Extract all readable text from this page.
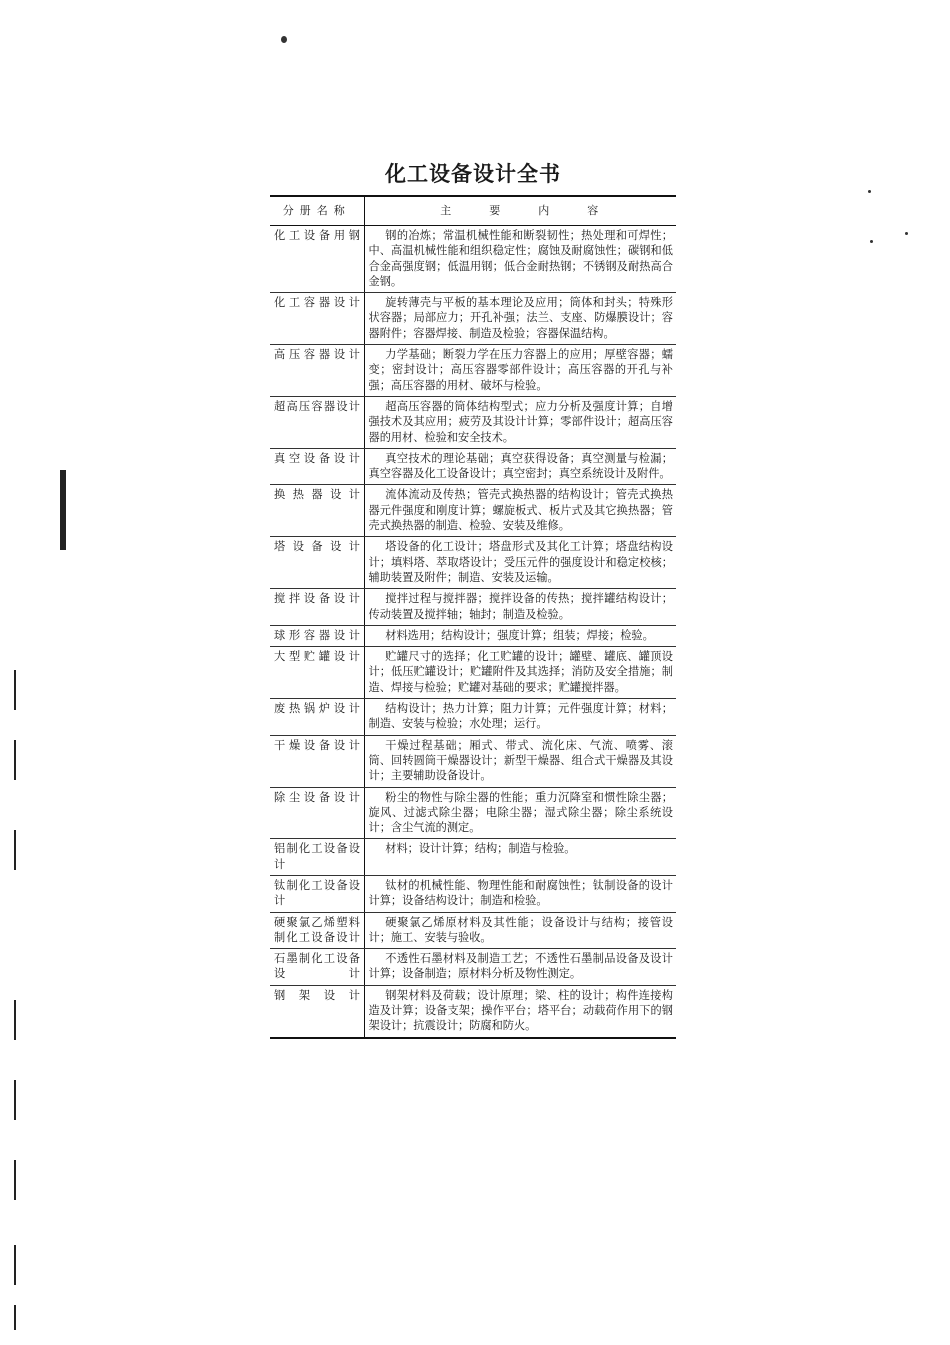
化工设备设计全书
分册名称	主要内容
化工设备用钢	钢的冶炼；常温机械性能和断裂韧性；热处理和可焊性；中、高温机械性能和组织稳定性；腐蚀及耐腐蚀性；碳钢和低合金高强度钢；低温用钢；低合金耐热钢；不锈钢及耐热高合金钢。
化工容器设计	旋转薄壳与平板的基本理论及应用；筒体和封头；特殊形状容器；局部应力；开孔补强；法兰、支座、防爆膜设计；容器附件；容器焊接、制造及检验；容器保温结构。
高压容器设计	力学基础；断裂力学在压力容器上的应用；厚壁容器；蠕变；密封设计；高压容器零部件设计；高压容器的开孔与补强；高压容器的用材、破坏与检验。
超高压容器设计	超高压容器的筒体结构型式；应力分析及强度计算；自增强技术及其应用；疲劳及其设计计算；零部件设计；超高压容器的用材、检验和安全技术。
真空设备设计	真空技术的理论基础；真空获得设备；真空测量与检漏；真空容器及化工设备设计；真空密封；真空系统设计及附件。
换热器设计	流体流动及传热；管壳式换热器的结构设计；管壳式换热器元件强度和刚度计算；螺旋板式、板片式及其它换热器；管壳式换热器的制造、检验、安装及维修。
塔设备设计	塔设备的化工设计；塔盘形式及其化工计算；塔盘结构设计；填料塔、萃取塔设计；受压元件的强度设计和稳定校核；辅助装置及附件；制造、安装及运输。
搅拌设备设计	搅拌过程与搅拌器；搅拌设备的传热；搅拌罐结构设计；传动装置及搅拌轴；轴封；制造及检验。
球形容器设计	材料选用；结构设计；强度计算；组装；焊接；检验。
大型贮罐设计	贮罐尺寸的选择；化工贮罐的设计；罐壁、罐底、罐顶设计；低压贮罐设计；贮罐附件及其选择；消防及安全措施；制造、焊接与检验；贮罐对基础的要求；贮罐搅拌器。
废热锅炉设计	结构设计；热力计算；阻力计算；元件强度计算；材料；制造、安装与检验；水处理；运行。
干燥设备设计	干燥过程基础；厢式、带式、流化床、气流、喷雾、滚筒、回转圆筒干燥器设计；新型干燥器、组合式干燥器及其设计；主要辅助设备设计。
除尘设备设计	粉尘的物性与除尘器的性能；重力沉降室和惯性除尘器；旋风、过滤式除尘器；电除尘器；湿式除尘器；除尘系统设计；含尘气流的测定。
铝制化工设备设计	材料；设计计算；结构；制造与检验。
钛制化工设备设计	钛材的机械性能、物理性能和耐腐蚀性；钛制设备的设计计算；设备结构设计；制造和检验。
硬聚氯乙烯塑料制化工设备设计	硬聚氯乙烯原材料及其性能；设备设计与结构；接管设计；施工、安装与验收。
石墨制化工设备设计	不透性石墨材料及制造工艺；不透性石墨制品设备及设计计算；设备制造；原材料分析及物性测定。
钢架设计	钢架材料及荷载；设计原理；梁、柱的设计；构件连接构造及计算；设备支架；操作平台；塔平台；动载荷作用下的钢架设计；抗震设计；防腐和防火。
